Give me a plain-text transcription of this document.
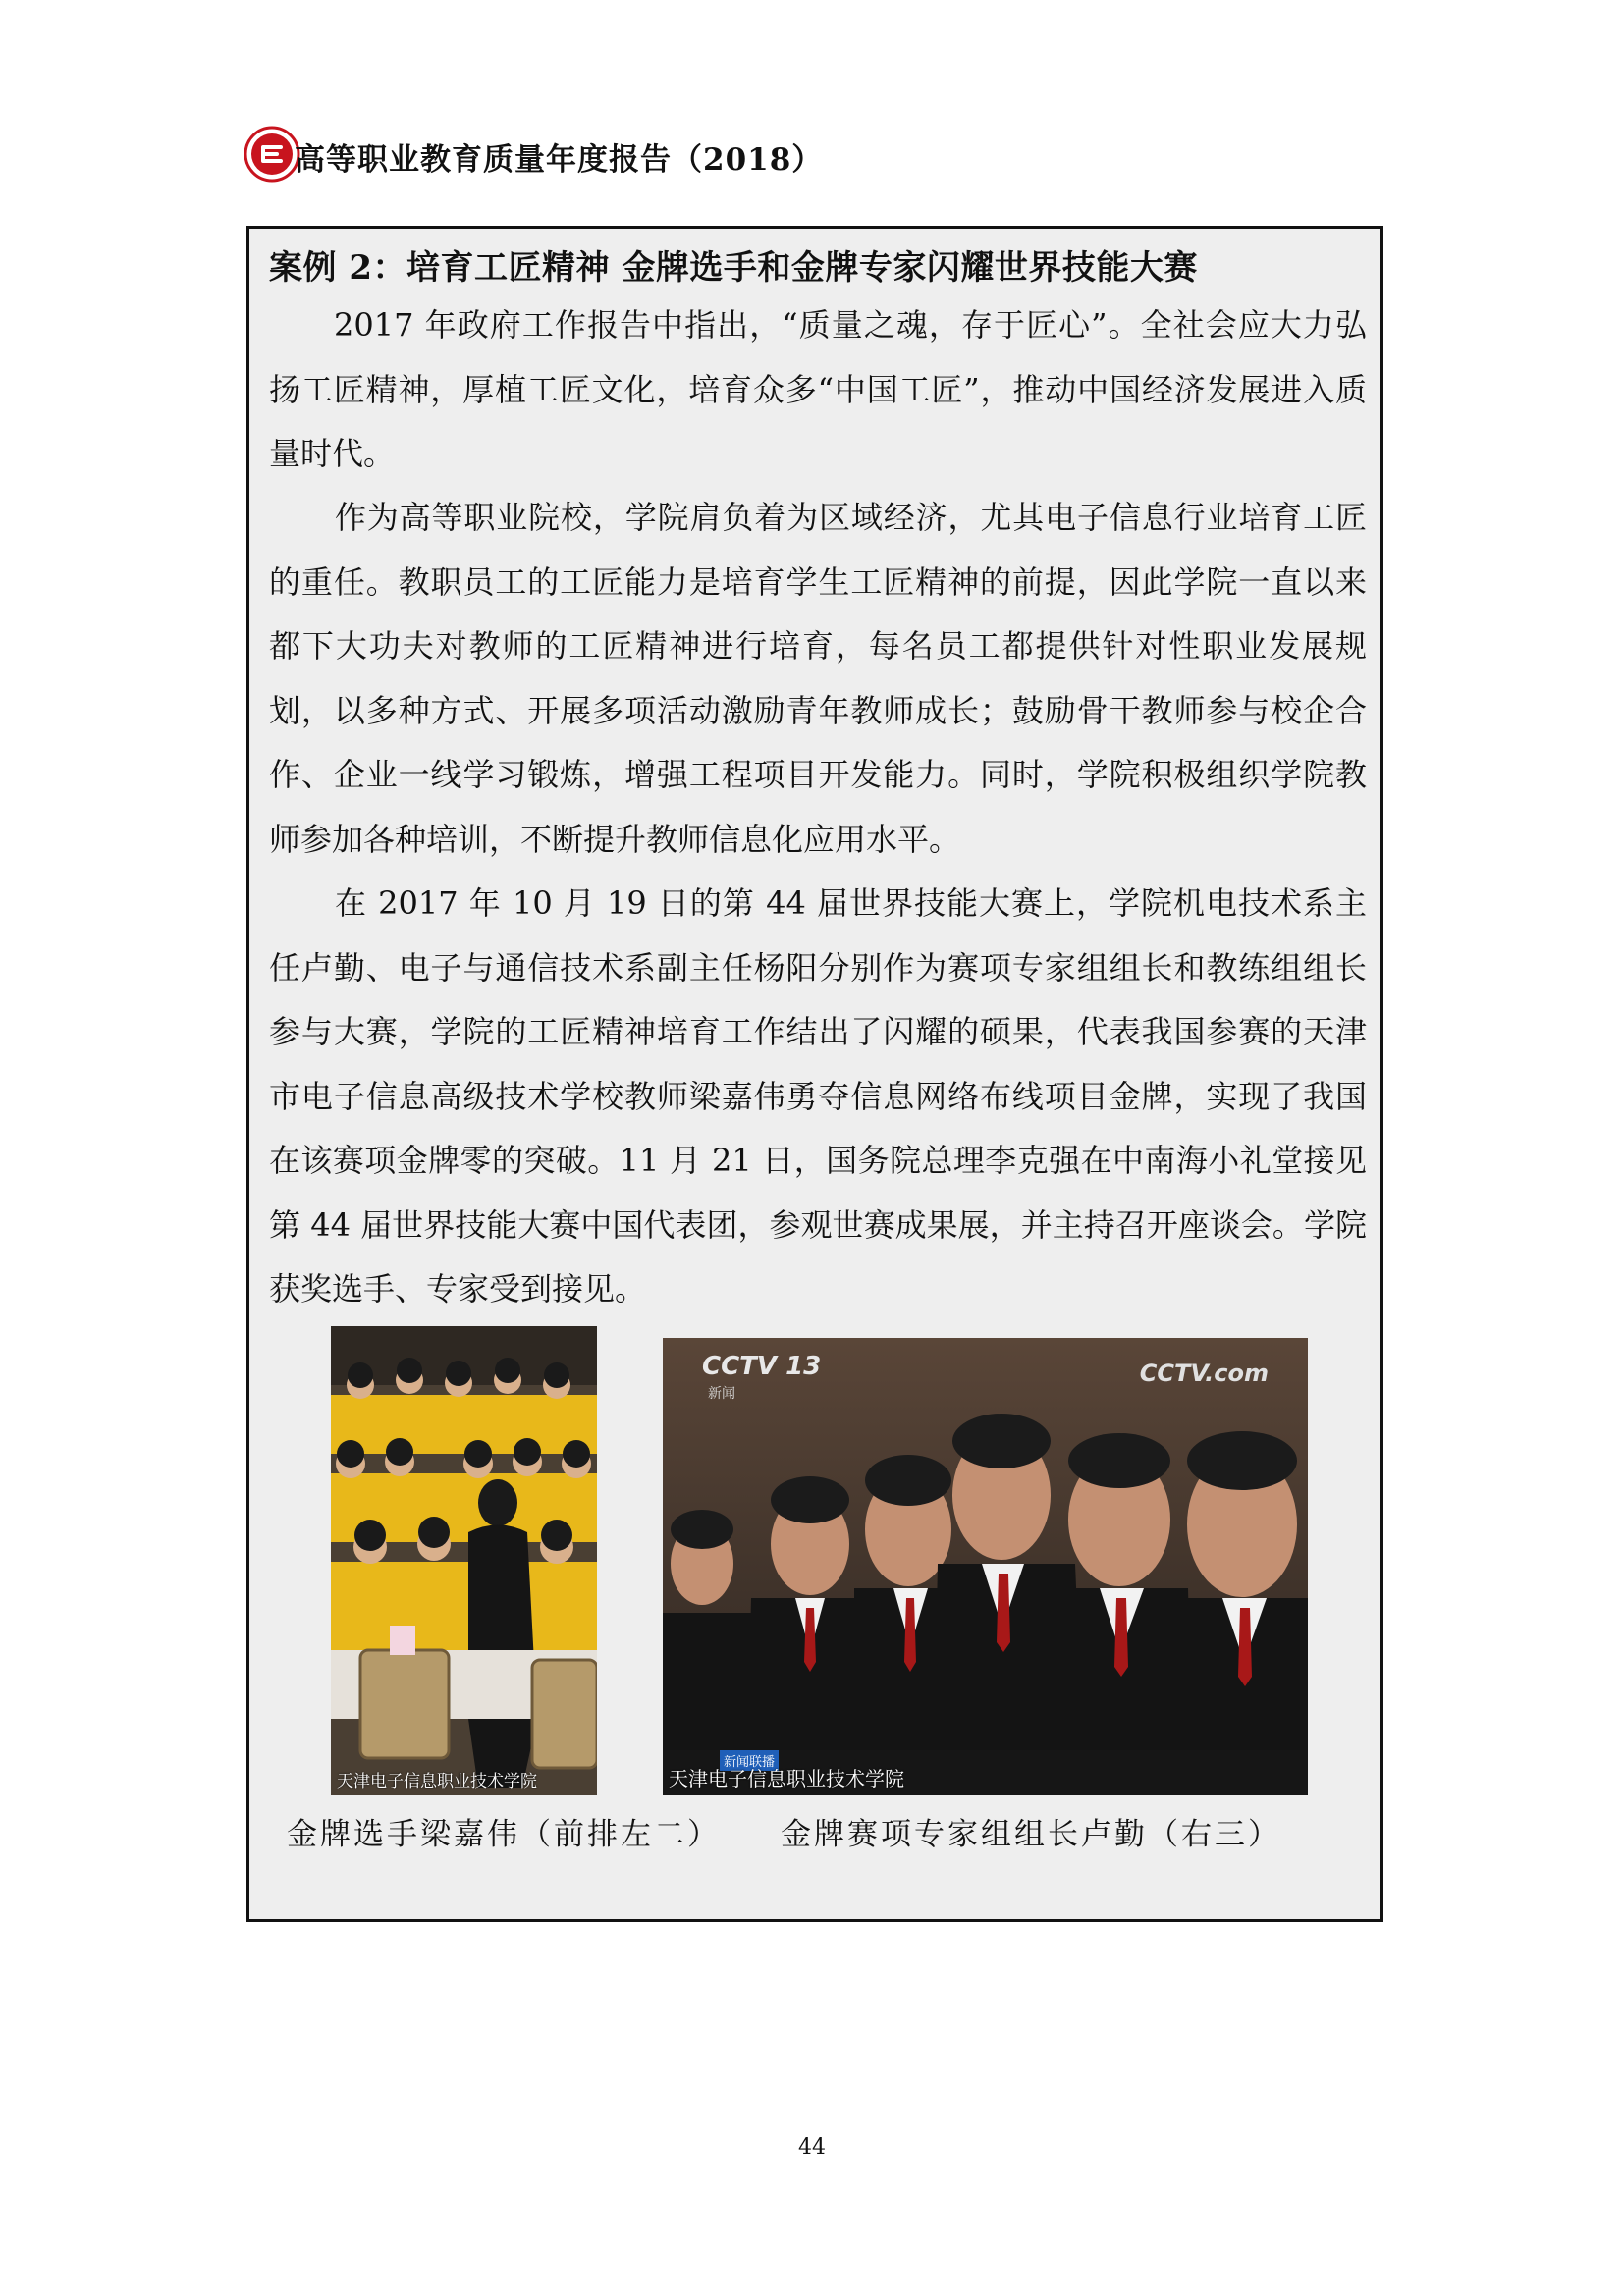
高等职业教育质量年度报告（2018）
案例 2：培育工匠精神 金牌选手和金牌专家闪耀世界技能大赛

2017 年政府工作报告中指出，“质量之魂，存于匠心”。全社会应大力弘扬工匠精神，厚植工匠文化，培育众多“中国工匠”，推动中国经济发展进入质量时代。

作为高等职业院校，学院肩负着为区域经济，尤其电子信息行业培育工匠的重任。教职员工的工匠能力是培育学生工匠精神的前提，因此学院一直以来都下大功夫对教师的工匠精神进行培育，每名员工都提供针对性职业发展规划，以多种方式、开展多项活动激励青年教师成长；鼓励骨干教师参与校企合作、企业一线学习锻炼，增强工程项目开发能力。同时，学院积极组织学院教师参加各种培训，不断提升教师信息化应用水平。

在 2017 年 10 月 19 日的第 44 届世界技能大赛上，学院机电技术系主任卢勤、电子与通信技术系副主任杨阳分别作为赛项专家组组长和教练组组长参与大赛，学院的工匠精神培育工作结出了闪耀的硕果，代表我国参赛的天津市电子信息高级技术学校教师梁嘉伟勇夺信息网络布线项目金牌，实现了我国在该赛项金牌零的突破。11 月 21 日，国务院总理李克强在中南海小礼堂接见第 44 届世界技能大赛中国代表团，参观世赛成果展，并主持召开座谈会。学院获奖选手、专家受到接见。

天津电子信息职业技术学院
CCTV 13
新闻
CCTV.com
新闻联播
天津电子信息职业技术学院
金牌选手梁嘉伟（前排左二） 金牌赛项专家组组长卢勤（右三）
44
